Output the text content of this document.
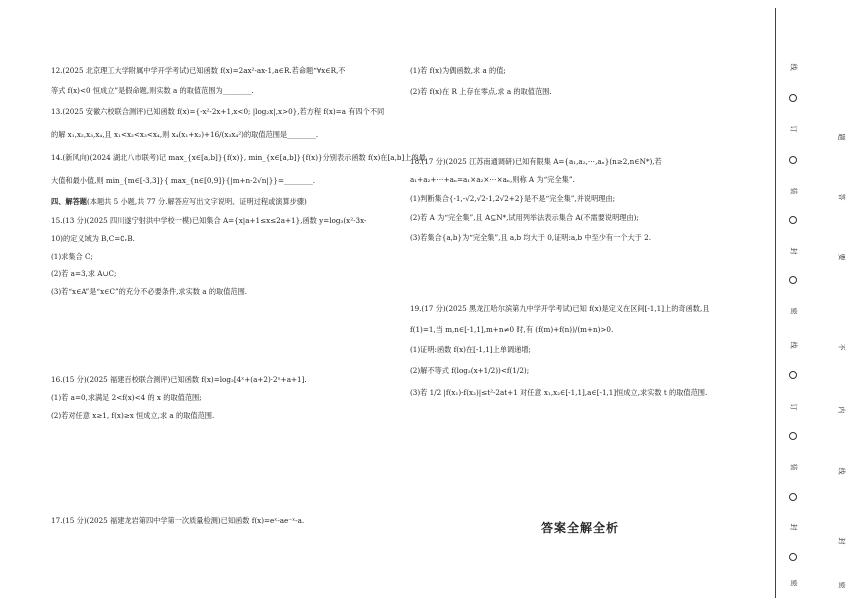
12.(2025 北京理工大学附属中学开学考试)已知函数 f(x)=2ax²-ax-1,a∈R.若命题“∀x∈R,不
等式 f(x)<0 恒成立”是假命题,则实数 a 的取值范围为________.
13.(2025 安徽六校联合测评)已知函数 f(x)={-x²-2x+1,x<0; |log₂x|,x>0},若方程 f(x)=a 有四个不同
的解 x₁,x₂,x₃,x₄,且 x₁<x₂<x₃<x₄,则 x₄(x₁+x₂)+16/(x₃x₄²)的取值范围是________.
14.(新风向)(2024 湖北八市联考)记 max_{x∈[a,b]}{f(x)}, min_{x∈[a,b]}{f(x)}分别表示函数 f(x)在[a,b]上的最
大值和最小值,则 min_{m∈[-3,3]}{ max_{n∈[0,9]}{|m+n-2√n|}}=________.
四、解答题(本题共 5 小题,共 77 分.解答应写出文字说明、证明过程或演算步骤)
15.(13 分)(2025 四川遂宁射洪中学校一模)已知集合 A={x|a+1≤x≤2a+1},函数 y=log₃(x²-3x-
10)的定义域为 B,C=∁ᵣB.
(1)求集合 C;
(2)若 a=3,求 A∪C;
(3)若“x∈A”是“x∈C”的充分不必要条件,求实数 a 的取值范围.
16.(15 分)(2025 福建百校联合测评)已知函数 f(x)=log₂[4ˣ+(a+2)·2ˣ+a+1].
(1)若 a=0,求满足 2<f(x)<4 的 x 的取值范围;
(2)若对任意 x≥1, f(x)≥x 恒成立,求 a 的取值范围.
17.(15 分)(2025 福建龙岩第四中学第一次质量检测)已知函数 f(x)=eˣ-ae⁻ˣ-a.
(1)若 f(x)为偶函数,求 a 的值;
(2)若 f(x)在 R 上存在零点,求 a 的取值范围.
18.(17 分)(2025 江苏南通调研)已知有限集 A={a₁,a₂,⋯,aₙ}(n≥2,n∈N*),若
a₁+a₂+⋯+aₙ=a₁×a₂×⋯×aₙ,则称 A 为“完全集”.
(1)判断集合{-1,-√2,√2-1,2√2+2}是不是“完全集”,并说明理由;
(2)若 A 为“完全集”,且 A⊆N*,试用列举法表示集合 A(不需要说明理由);
(3)若集合{a,b}为“完全集”,且 a,b 均大于 0,证明:a,b 中至少有一个大于 2.
19.(17 分)(2025 黑龙江哈尔滨第九中学开学考试)已知 f(x)是定义在区间[-1,1]上的奇函数,且
f(1)=1,当 m,n∈[-1,1],m+n≠0 时,有 (f(m)+f(n))/(m+n)>0.
(1)证明:函数 f(x)在[-1,1]上单调递增;
(2)解不等式 f(log₂(x+1/2))<f(1/2);
(3)若 1/2 |f(x₁)-f(x₂)|≤t²-2at+1 对任意 x₁,x₂∈[-1,1],a∈[-1,1]恒成立,求实数 t 的取值范围.
答案全解全析
线
订
装
封
密
线
订
装
封
密
题
答
要
不
内
线
封
密
